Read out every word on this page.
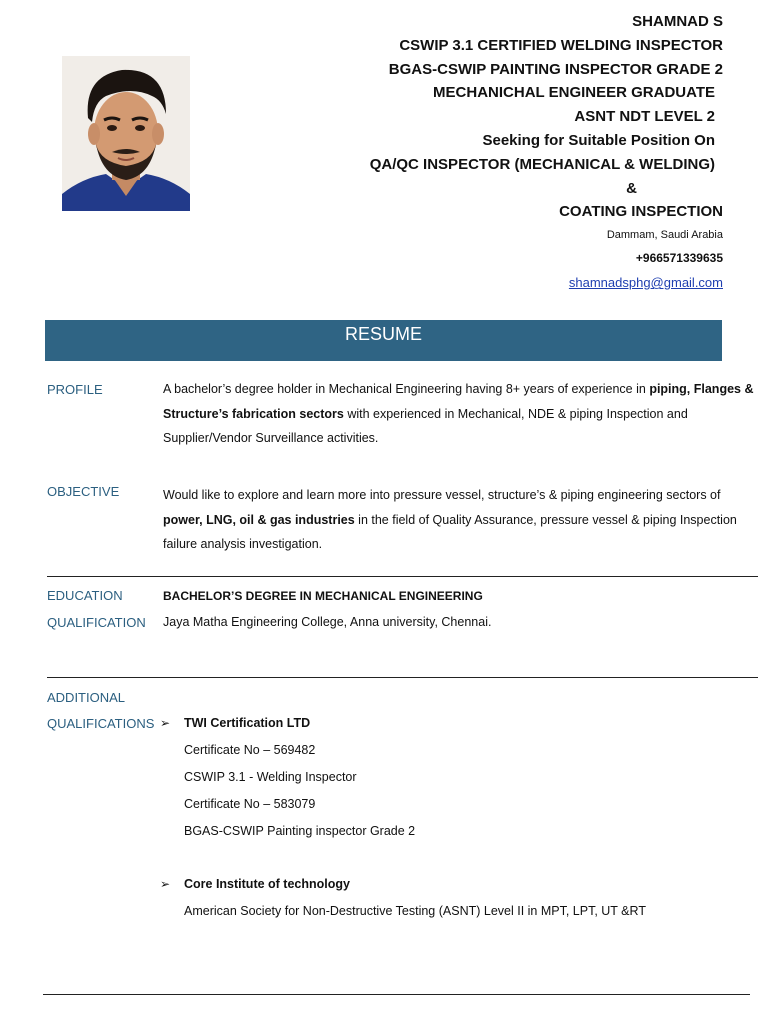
SHAMNAD S
CSWIP 3.1 CERTIFIED WELDING INSPECTOR
BGAS-CSWIP PAINTING INSPECTOR GRADE 2
MECHANICHAL ENGINEER GRADUATE
ASNT NDT LEVEL 2
Seeking for Suitable Position On
QA/QC INSPECTOR (MECHANICAL & WELDING)
&
COATING INSPECTION
Dammam, Saudi Arabia
+966571339635
shamnadsphg@gmail.com
RESUME
PROFILE	A bachelor’s degree holder in Mechanical Engineering having 8+ years of experience in piping, Flanges & Structure’s fabrication sectors with experienced in Mechanical, NDE & piping Inspection and Supplier/Vendor Surveillance activities.
OBJECTIVE	Would like to explore and learn more into pressure vessel, structure’s & piping engineering sectors of power, LNG, oil & gas industries in the field of Quality Assurance, pressure vessel & piping Inspection failure analysis investigation.
EDUCATION
QUALIFICATION
BACHELOR’S DEGREE IN MECHANICAL ENGINEERING
Jaya Matha Engineering College, Anna university, Chennai.
ADDITIONAL
QUALIFICATIONS ➢ TWI Certification LTD
Certificate No – 569482
CSWIP 3.1 - Welding Inspector
Certificate No – 583079
BGAS-CSWIP Painting inspector Grade 2
➢ Core Institute of technology
American Society for Non-Destructive Testing (ASNT) Level II in MPT, LPT, UT &RT
